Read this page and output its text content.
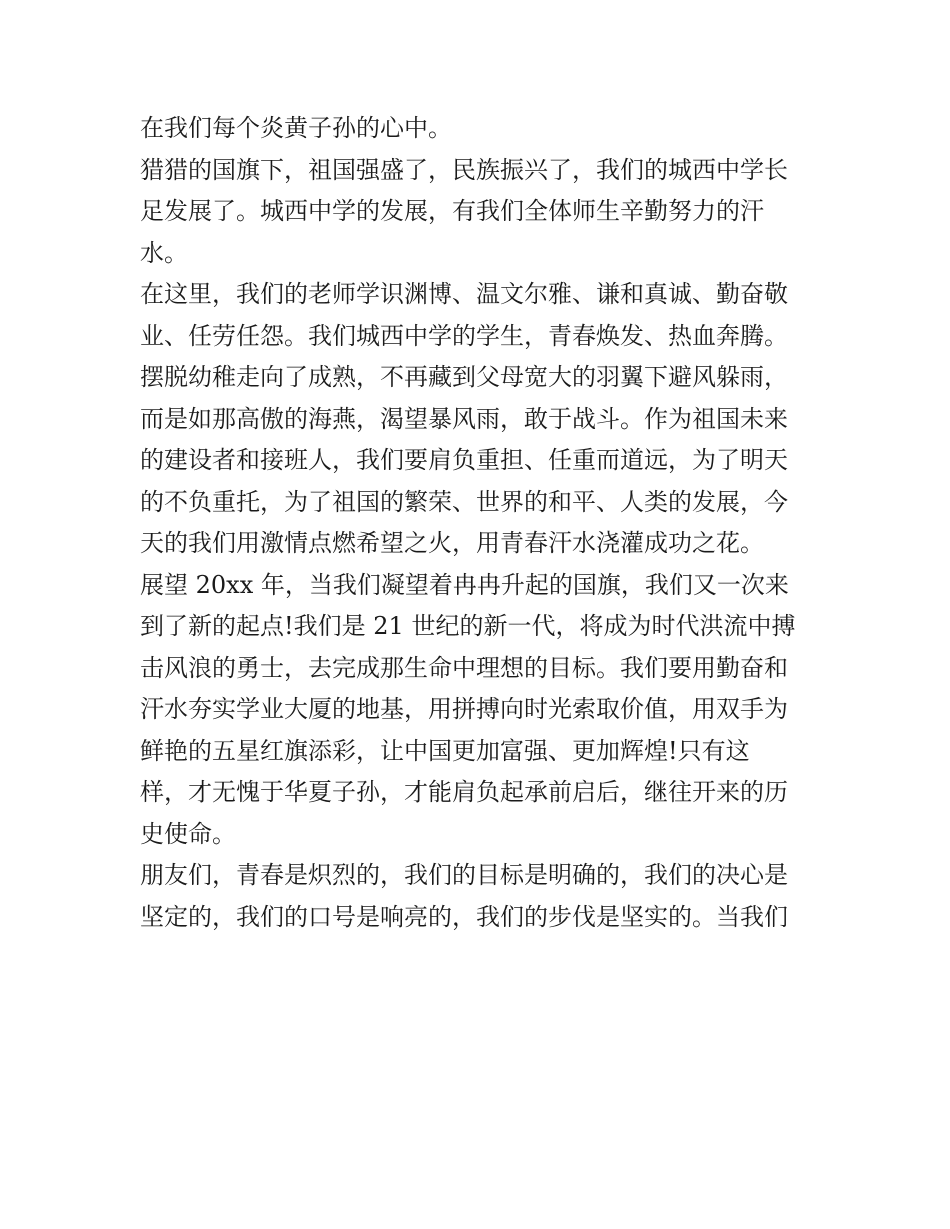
在我们每个炎黄子孙的心中。
猎猎的国旗下，祖国强盛了，民族振兴了，我们的城西中学长
足发展了。城西中学的发展，有我们全体师生辛勤努力的汗
水。
在这里，我们的老师学识渊博、温文尔雅、谦和真诚、勤奋敬
业、任劳任怨。我们城西中学的学生，青春焕发、热血奔腾。
摆脱幼稚走向了成熟，不再藏到父母宽大的羽翼下避风躲雨，
而是如那高傲的海燕，渴望暴风雨，敢于战斗。作为祖国未来
的建设者和接班人，我们要肩负重担、任重而道远，为了明天
的不负重托，为了祖国的繁荣、世界的和平、人类的发展，今
天的我们用激情点燃希望之火，用青春汗水浇灌成功之花。
展望 20xx 年，当我们凝望着冉冉升起的国旗，我们又一次来
到了新的起点!我们是 21 世纪的新一代，将成为时代洪流中搏
击风浪的勇士，去完成那生命中理想的目标。我们要用勤奋和
汗水夯实学业大厦的地基，用拼搏向时光索取价值，用双手为
鲜艳的五星红旗添彩，让中国更加富强、更加辉煌!只有这
样，才无愧于华夏子孙，才能肩负起承前启后，继往开来的历
史使命。
朋友们，青春是炽烈的，我们的目标是明确的，我们的决心是
坚定的，我们的口号是响亮的，我们的步伐是坚实的。当我们
